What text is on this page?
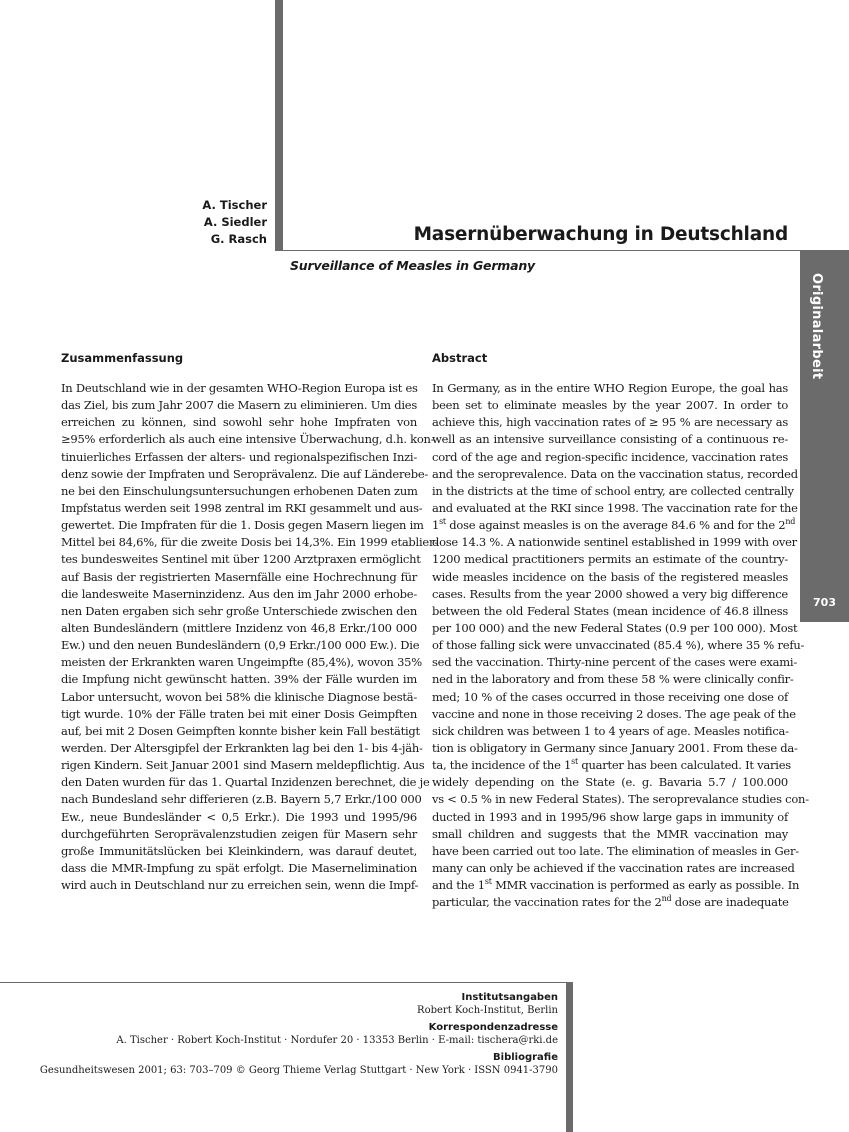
A. Tischer
A. Siedler
G. Rasch	Masernüberwachung in Deutschland
Surveillance of Measles in Germany
Originalarbeit
703
Zusammenfassung
In Deutschland wie in der gesamten WHO-Region Europa ist es
das Ziel, bis zum Jahr 2007 die Masern zu eliminieren. Um dies
erreichen zu können, sind sowohl sehr hohe Impfraten von
≥95% erforderlich als auch eine intensive Überwachung, d.h. kon-
tinuierliches Erfassen der alters- und regionalspezifischen Inzi-
denz sowie der Impfraten und Seroprävalenz. Die auf Länderebe-
ne bei den Einschulungsuntersuchungen erhobenen Daten zum
Impfstatus werden seit 1998 zentral im RKI gesammelt und aus-
gewertet. Die Impfraten für die 1. Dosis gegen Masern liegen im
Mittel bei 84,6%, für die zweite Dosis bei 14,3%. Ein 1999 etablier-
tes bundesweites Sentinel mit über 1200 Arztpraxen ermöglicht
auf Basis der registrierten Masernfälle eine Hochrechnung für
die landesweite Maserninzidenz. Aus den im Jahr 2000 erhobe-
nen Daten ergaben sich sehr große Unterschiede zwischen den
alten Bundesländern (mittlere Inzidenz von 46,8 Erkr./100 000
Ew.) und den neuen Bundesländern (0,9 Erkr./100 000 Ew.). Die
meisten der Erkrankten waren Ungeimpfte (85,4%), wovon 35%
die Impfung nicht gewünscht hatten. 39% der Fälle wurden im
Labor untersucht, wovon bei 58% die klinische Diagnose bestä-
tigt wurde. 10% der Fälle traten bei mit einer Dosis Geimpften
auf, bei mit 2 Dosen Geimpften konnte bisher kein Fall bestätigt
werden. Der Altersgipfel der Erkrankten lag bei den 1- bis 4-jäh-
rigen Kindern. Seit Januar 2001 sind Masern meldepflichtig. Aus
den Daten wurden für das 1. Quartal Inzidenzen berechnet, die je
nach Bundesland sehr differieren (z.B. Bayern 5,7 Erkr./100 000
Ew., neue Bundesländer < 0,5 Erkr.). Die 1993 und 1995/96
durchgeführten Seroprävalenzstudien zeigen für Masern sehr
große Immunitätslücken bei Kleinkindern, was darauf deutet,
dass die MMR-Impfung zu spät erfolgt. Die Masernelimination
wird auch in Deutschland nur zu erreichen sein, wenn die Impf-
Abstract
In Germany, as in the entire WHO Region Europe, the goal has
been set to eliminate measles by the year 2007. In order to
achieve this, high vaccination rates of ≥ 95 % are necessary as
well as an intensive surveillance consisting of a continuous re-
cord of the age and region-specific incidence, vaccination rates
and the seroprevalence. Data on the vaccination status, recorded
in the districts at the time of school entry, are collected centrally
and evaluated at the RKI since 1998. The vaccination rate for the
1st dose against measles is on the average 84.6 % and for the 2nd
dose 14.3 %. A nationwide sentinel established in 1999 with over
1200 medical practitioners permits an estimate of the country-
wide measles incidence on the basis of the registered measles
cases. Results from the year 2000 showed a very big difference
between the old Federal States (mean incidence of 46.8 illness
per 100 000) and the new Federal States (0.9 per 100 000). Most
of those falling sick were unvaccinated (85.4 %), where 35 % refu-
sed the vaccination. Thirty-nine percent of the cases were exami-
ned in the laboratory and from these 58 % were clinically confir-
med; 10 % of the cases occurred in those receiving one dose of
vaccine and none in those receiving 2 doses. The age peak of the
sick children was between 1 to 4 years of age. Measles notifica-
tion is obligatory in Germany since January 2001. From these da-
ta, the incidence of the 1st quarter has been calculated. It varies
widely depending on the State (e. g. Bavaria 5.7 / 100.000
vs < 0.5 % in new Federal States). The seroprevalance studies con-
ducted in 1993 and in 1995/96 show large gaps in immunity of
small children and suggests that the MMR vaccination may
have been carried out too late. The elimination of measles in Ger-
many can only be achieved if the vaccination rates are increased
and the 1st MMR vaccination is performed as early as possible. In
particular, the vaccination rates for the 2nd dose are inadequate
Institutsangaben
Robert Koch-Institut, Berlin
Korrespondenzadresse
A. Tischer · Robert Koch-Institut · Nordufer 20 · 13353 Berlin · E-mail: tischera@rki.de
Bibliografie
Gesundheitswesen 2001; 63: 703–709 © Georg Thieme Verlag Stuttgart · New York · ISSN 0941-3790
